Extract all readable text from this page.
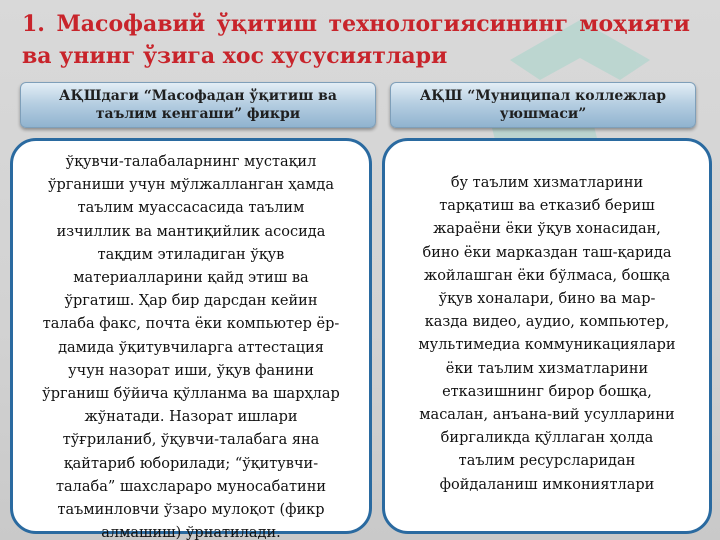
1. Масофавий ўқитиш технологиясининг моҳияти ва унинг ўзига хос хусусиятлари
АҚШдаги “Масофадан ўқитиш ва таълим кенгаши” фикри
АҚШ “Муниципал коллежлар уюшмаси”

ўқувчи-талабаларнинг мустақил
ўрганиши учун мўлжалланган ҳамда
таълим муассасасида таълим
изчиллик ва мантиқийлик асосида
тақдим этиладиган ўқув
материалларини қайд этиш ва
ўргатиш. Ҳар бир дарсдан кейин
талаба факс, почта ёки компьютер ёр-
дамида ўқитувчиларга аттестация
учун назорат иши, ўқув фанини
ўрганиш бўйича қўлланма ва шарҳлар
жўнатади. Назорат ишлари
тўғриланиб, ўқувчи-талабага яна
қайтариб юборилади; “ўқитувчи-
талаба” шахслараро муносабатини
таъминловчи ўзаро мулоқот (фикр
алмашиш) ўрнатилади.

бу таълим хизматларини
тарқатиш ва етказиб бериш
жараёни ёки ўқув хонасидан,
бино ёки марказдан таш-қарида
жойлашган ёки бўлмаса, бошқа
ўқув хоналари, бино ва мар-
казда видео, аудио, компьютер,
мультимедиа коммуникациялари
ёки таълим хизматларини
етказишнинг бирор бошқа,
масалан, анъана-вий усулларини
биргаликда қўллаган ҳолда
таълим ресурсларидан
фойдаланиш имкониятлари
